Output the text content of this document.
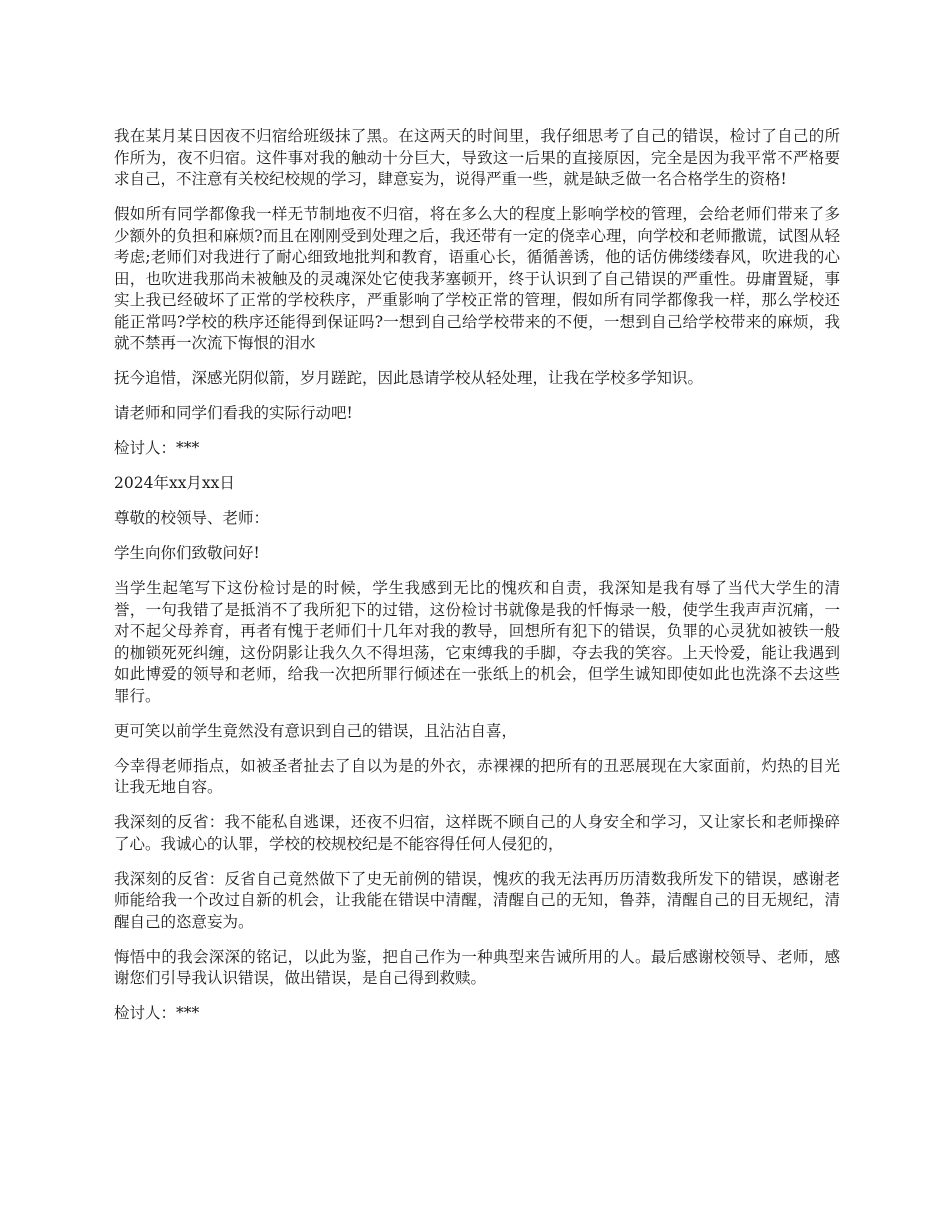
我在某月某日因夜不归宿给班级抹了黑。在这两天的时间里，我仔细思考了自己的错误，检讨了自己的所作所为，夜不归宿。这件事对我的触动十分巨大，导致这一后果的直接原因，完全是因为我平常不严格要求自己，不注意有关校纪校规的学习，肆意妄为，说得严重一些，就是缺乏做一名合格学生的资格!

假如所有同学都像我一样无节制地夜不归宿，将在多么大的程度上影响学校的管理，会给老师们带来了多少额外的负担和麻烦?而且在刚刚受到处理之后，我还带有一定的侥幸心理，向学校和老师撒谎，试图从轻考虑;老师们对我进行了耐心细致地批判和教育，语重心长，循循善诱，他的话仿佛缕缕春风，吹进我的心田，也吹进我那尚未被触及的灵魂深处它使我茅塞顿开，终于认识到了自己错误的严重性。毋庸置疑，事实上我已经破坏了正常的学校秩序，严重影响了学校正常的管理，假如所有同学都像我一样，那么学校还能正常吗?学校的秩序还能得到保证吗?一想到自己给学校带来的不便，一想到自己给学校带来的麻烦，我就不禁再一次流下悔恨的泪水

抚今追惜，深感光阴似箭，岁月蹉跎，因此恳请学校从轻处理，让我在学校多学知识。

请老师和同学们看我的实际行动吧!

检讨人：***

2024年xx月xx日

尊敬的校领导、老师：

学生向你们致敬问好!

当学生起笔写下这份检讨是的时候，学生我感到无比的愧疚和自责，我深知是我有辱了当代大学生的清誉，一句我错了是抵消不了我所犯下的过错，这份检讨书就像是我的忏悔录一般，使学生我声声沉痛，一对不起父母养育，再者有愧于老师们十几年对我的教导，回想所有犯下的错误，负罪的心灵犹如被铁一般的枷锁死死纠缠，这份阴影让我久久不得坦荡，它束缚我的手脚，夺去我的笑容。上天怜爱，能让我遇到如此博爱的领导和老师，给我一次把所罪行倾述在一张纸上的机会，但学生诚知即使如此也洗涤不去这些罪行。

更可笑以前学生竟然没有意识到自己的错误，且沾沾自喜，

今幸得老师指点，如被圣者扯去了自以为是的外衣，赤裸裸的把所有的丑恶展现在大家面前，灼热的目光让我无地自容。

我深刻的反省：我不能私自逃课，还夜不归宿，这样既不顾自己的人身安全和学习，又让家长和老师操碎了心。我诚心的认罪，学校的校规校纪是不能容得任何人侵犯的，

我深刻的反省：反省自己竟然做下了史无前例的错误，愧疚的我无法再历历清数我所发下的错误，感谢老师能给我一个改过自新的机会，让我能在错误中清醒，清醒自己的无知，鲁莽，清醒自己的目无规纪，清醒自己的恣意妄为。

悔悟中的我会深深的铭记，以此为鉴，把自己作为一种典型来告诫所用的人。最后感谢校领导、老师，感谢您们引导我认识错误，做出错误，是自己得到救赎。

检讨人：***
